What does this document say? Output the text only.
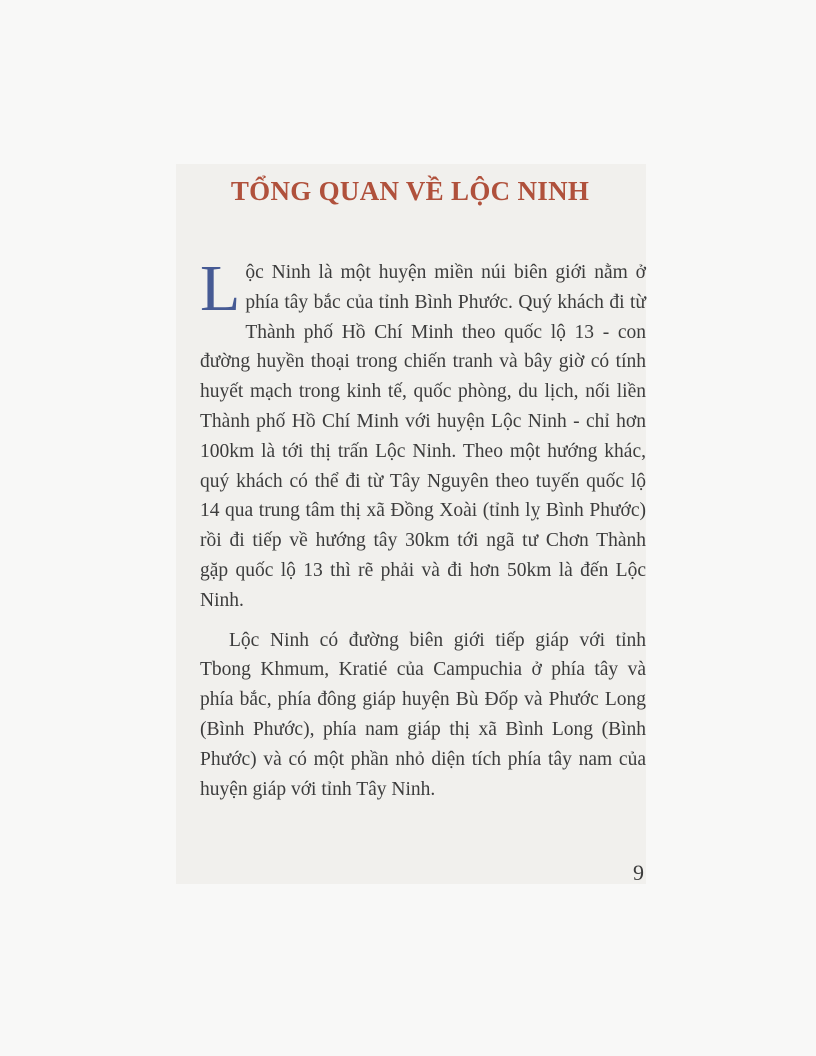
TỔNG QUAN VỀ LỘC NINH

Lộc Ninh là một huyện miền núi biên giới nằm ở phía tây bắc của tỉnh Bình Phước. Quý khách đi từ Thành phố Hồ Chí Minh theo quốc lộ 13 - con đường huyền thoại trong chiến tranh và bây giờ có tính huyết mạch trong kinh tế, quốc phòng, du lịch, nối liền Thành phố Hồ Chí Minh với huyện Lộc Ninh - chỉ hơn 100km là tới thị trấn Lộc Ninh. Theo một hướng khác, quý khách có thể đi từ Tây Nguyên theo tuyến quốc lộ 14 qua trung tâm thị xã Đồng Xoài (tỉnh lỵ Bình Phước) rồi đi tiếp về hướng tây 30km tới ngã tư Chơn Thành gặp quốc lộ 13 thì rẽ phải và đi hơn 50km là đến Lộc Ninh.

Lộc Ninh có đường biên giới tiếp giáp với tỉnh Tbong Khmum, Kratié của Campuchia ở phía tây và phía bắc, phía đông giáp huyện Bù Đốp và Phước Long (Bình Phước), phía nam giáp thị xã Bình Long (Bình Phước) và có một phần nhỏ diện tích phía tây nam của huyện giáp với tỉnh Tây Ninh.

9
